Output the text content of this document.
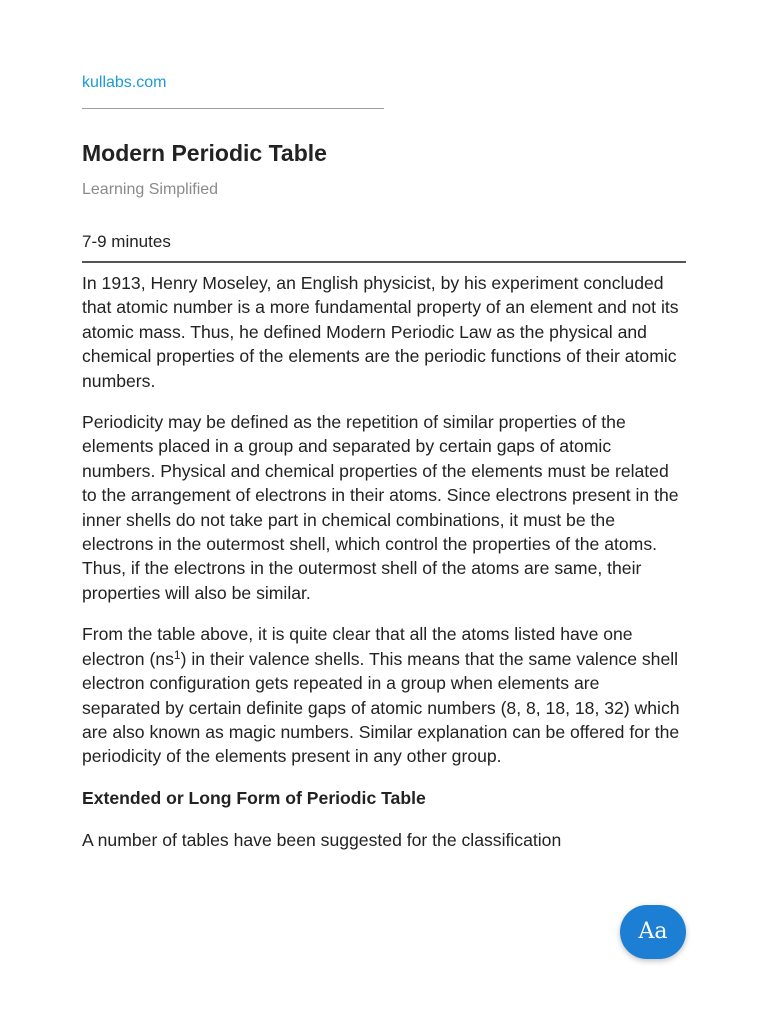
kullabs.com
Modern Periodic Table
Learning Simplified
7-9 minutes

In 1913, Henry Moseley, an English physicist, by his experiment concluded that atomic number is a more fundamental property of an element and not its atomic mass. Thus, he defined Modern Periodic Law as the physical and chemical properties of the elements are the periodic functions of their atomic numbers.

Periodicity may be defined as the repetition of similar properties of the elements placed in a group and separated by certain gaps of atomic numbers. Physical and chemical properties of the elements must be related to the arrangement of electrons in their atoms. Since electrons present in the inner shells do not take part in chemical combinations, it must be the electrons in the outermost shell, which control the properties of the atoms. Thus, if the electrons in the outermost shell of the atoms are same, their properties will also be similar.

From the table above, it is quite clear that all the atoms listed have one electron $(ns^1)$ in their valence shells. This means that the same valence shell electron configuration gets repeated in a group when elements are separated by certain definite gaps of atomic numbers (8, 8, 18, 18, 32) which are also known as magic numbers. Similar explanation can be offered for the periodicity of the elements present in any other group.

Extended or Long Form of Periodic Table

A number of tables have been suggested for the classification

Aa
